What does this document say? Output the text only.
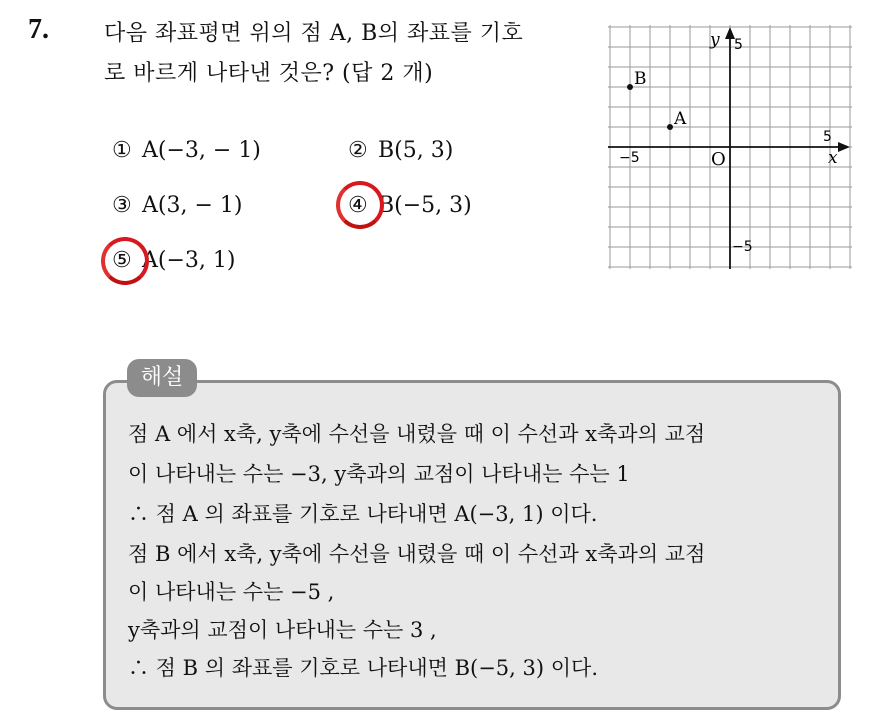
7.	다음 좌표평면 위의 점 A, B의 좌표를 기호
로 바르게 나타낸 것은? (답 2 개)
① A(−3, − 1)	② B(5, 3)
③ A(3, − 1)	④ B(−5, 3)
⑤ A(−3, 1)
y
x
O
−5
5
5
−5
A
B
해설
점 A 에서 x축, y축에 수선을 내렸을 때 이 수선과 x축과의 교점
이 나타내는 수는 −3, y축과의 교점이 나타내는 수는 1
∴ 점 A 의 좌표를 기호로 나타내면 A(−3, 1) 이다.
점 B 에서 x축, y축에 수선을 내렸을 때 이 수선과 x축과의 교점
이 나타내는 수는 −5 ,
y축과의 교점이 나타내는 수는 3 ,
∴ 점 B 의 좌표를 기호로 나타내면 B(−5, 3) 이다.
